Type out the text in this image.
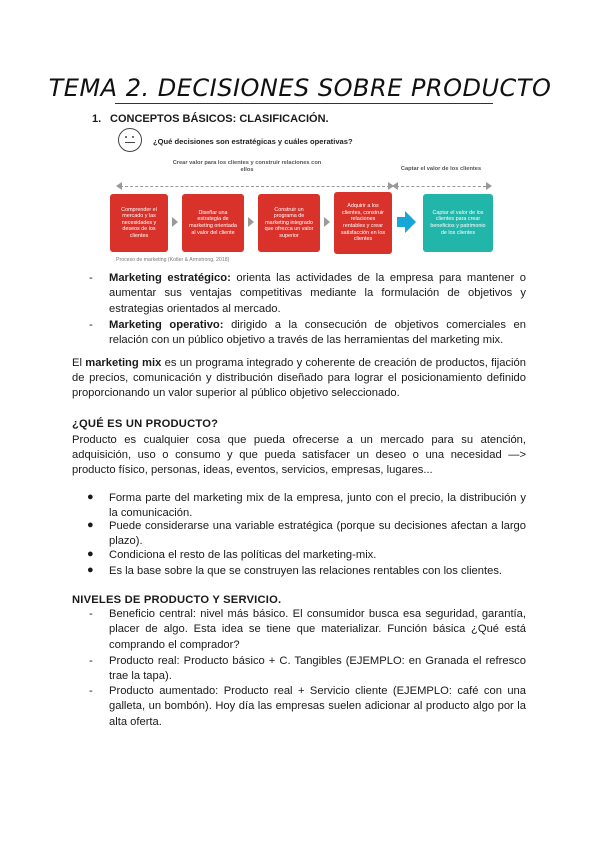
TEMA 2. DECISIONES SOBRE PRODUCTO
1. CONCEPTOS BÁSICOS: CLASIFICACIÓN.
¿Qué decisiones son estratégicas y cuáles operativas?
Crear valor para los clientes y construir relaciones con ellos	Captar el valor de los clientes
Comprender el mercado y las necesidades y deseos de los clientes
Diseñar una estrategia de marketing orientada al valor del cliente
Construir un programa de marketing integrado que ofrezca un valor superior
Adquirir a los clientes, construir relaciones rentables y crear satisfacción en los clientes
Captar el valor de los clientes para crear beneficios y patrimonio de los clientes
Proceso de marketing (Kotler & Armstrong, 2018)
- Marketing estratégico: orienta las actividades de la empresa para mantener o aumentar sus ventajas competitivas mediante la formulación de objetivos y estrategias orientados al mercado.
- Marketing operativo: dirigido a la consecución de objetivos comerciales en relación con un público objetivo a través de las herramientas del marketing mix.
El marketing mix es un programa integrado y coherente de creación de productos, fijación de precios, comunicación y distribución diseñado para lograr el posicionamiento definido proporcionando un valor superior al público objetivo seleccionado.
¿QUÉ ES UN PRODUCTO?
Producto es cualquier cosa que pueda ofrecerse a un mercado para su atención, adquisición, uso o consumo y que pueda satisfacer un deseo o una necesidad —> producto físico, personas, ideas, eventos, servicios, empresas, lugares...
● Forma parte del marketing mix de la empresa, junto con el precio, la distribución y la comunicación.
● Puede considerarse una variable estratégica (porque su decisiones afectan a largo plazo).
● Condiciona el resto de las políticas del marketing-mix.
● Es la base sobre la que se construyen las relaciones rentables con los clientes.
NIVELES DE PRODUCTO Y SERVICIO.
- Beneficio central: nivel más básico. El consumidor busca esa seguridad, garantía, placer de algo. Esta idea se tiene que materializar. Función básica ¿Qué está comprando el comprador?
- Producto real: Producto básico + C. Tangibles (EJEMPLO: en Granada el refresco trae la tapa).
- Producto aumentado: Producto real + Servicio cliente (EJEMPLO: café con una galleta, un bombón). Hoy día las empresas suelen adicionar al producto algo por la alta oferta.
